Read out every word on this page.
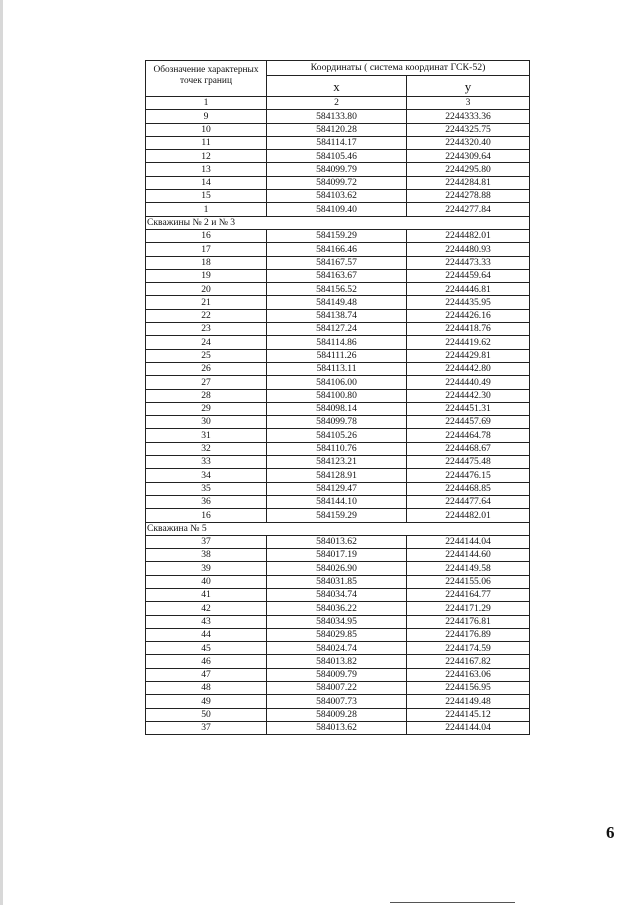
Обозначение характерных точек границ	Координаты ( система координат ГСК-52)	
	х	у
1	2	3
9	584133.80	2244333.36
10	584120.28	2244325.75
11	584114.17	2244320.40
12	584105.46	2244309.64
13	584099.79	2244295.80
14	584099.72	2244284.81
15	584103.62	2244278.88
1	584109.40	2244277.84
Скважины № 2 и № 3		
16	584159.29	2244482.01
17	584166.46	2244480.93
18	584167.57	2244473.33
19	584163.67	2244459.64
20	584156.52	2244446.81
21	584149.48	2244435.95
22	584138.74	2244426.16
23	584127.24	2244418.76
24	584114.86	2244419.62
25	584111.26	2244429.81
26	584113.11	2244442.80
27	584106.00	2244440.49
28	584100.80	2244442.30
29	584098.14	2244451.31
30	584099.78	2244457.69
31	584105.26	2244464.78
32	584110.76	2244468.67
33	584123.21	2244475.48
34	584128.91	2244476.15
35	584129.47	2244468.85
36	584144.10	2244477.64
16	584159.29	2244482.01
Скважина № 5		
37	584013.62	2244144.04
38	584017.19	2244144.60
39	584026.90	2244149.58
40	584031.85	2244155.06
41	584034.74	2244164.77
42	584036.22	2244171.29
43	584034.95	2244176.81
44	584029.85	2244176.89
45	584024.74	2244174.59
46	584013.82	2244167.82
47	584009.79	2244163.06
48	584007.22	2244156.95
49	584007.73	2244149.48
50	584009.28	2244145.12
37	584013.62	2244144.04
6
